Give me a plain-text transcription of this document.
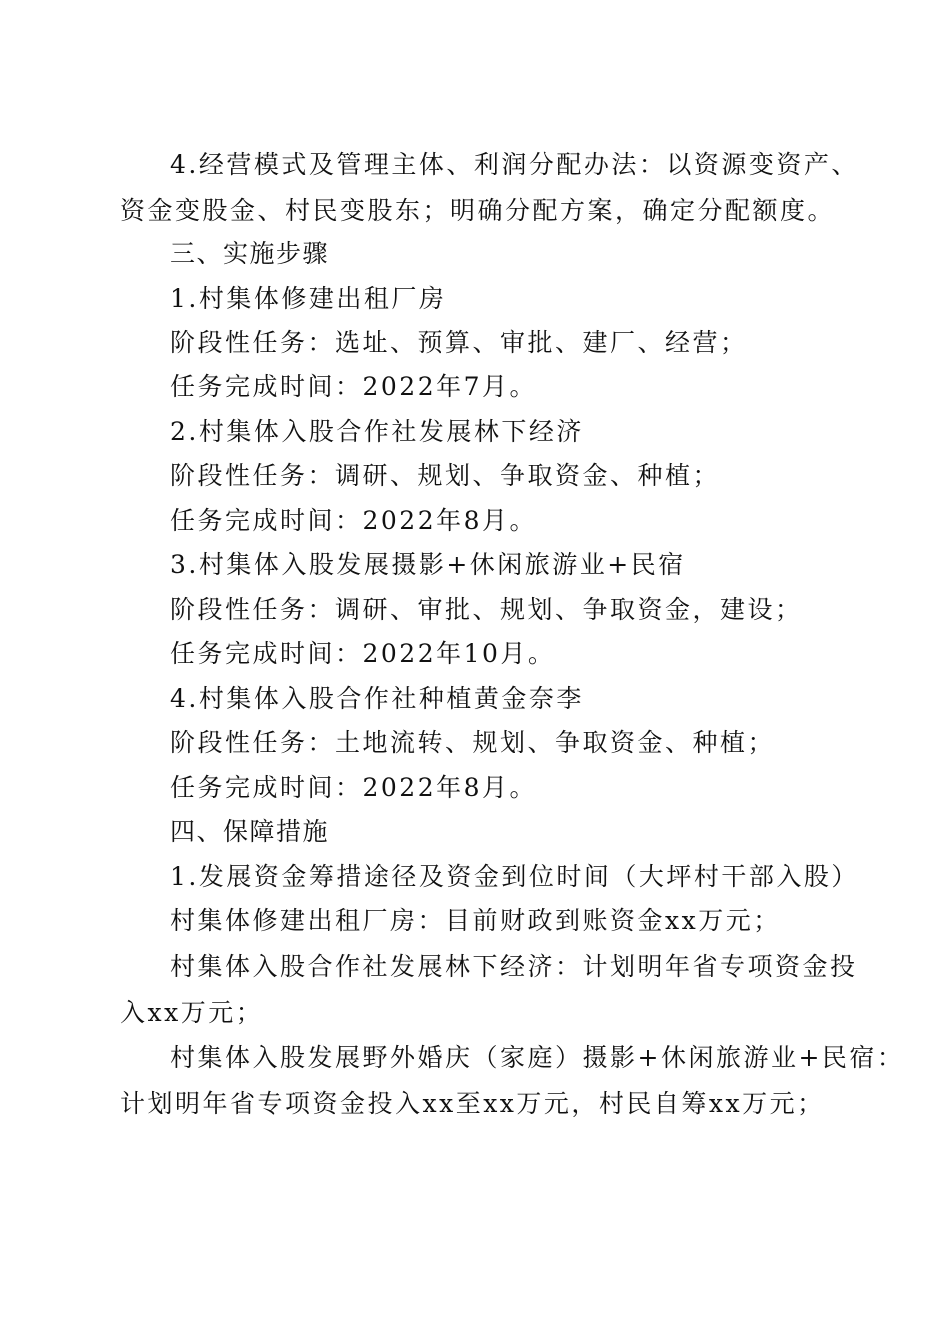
4.经营模式及管理主体、利润分配办法：以资源变资产、
资金变股金、村民变股东；明确分配方案，确定分配额度。
三、实施步骤
1.村集体修建出租厂房
阶段性任务：选址、预算、审批、建厂、经营；
任务完成时间：2022年7月。
2.村集体入股合作社发展林下经济
阶段性任务：调研、规划、争取资金、种植；
任务完成时间：2022年8月。
3.村集体入股发展摄影+休闲旅游业+民宿
阶段性任务：调研、审批、规划、争取资金，建设；
任务完成时间：2022年10月。
4.村集体入股合作社种植黄金奈李
阶段性任务：土地流转、规划、争取资金、种植；
任务完成时间：2022年8月。
四、保障措施
1.发展资金筹措途径及资金到位时间（大坪村干部入股）
村集体修建出租厂房：目前财政到账资金xx万元；
村集体入股合作社发展林下经济：计划明年省专项资金投
入xx万元；
村集体入股发展野外婚庆（家庭）摄影+休闲旅游业+民宿：
计划明年省专项资金投入xx至xx万元，村民自筹xx万元；
